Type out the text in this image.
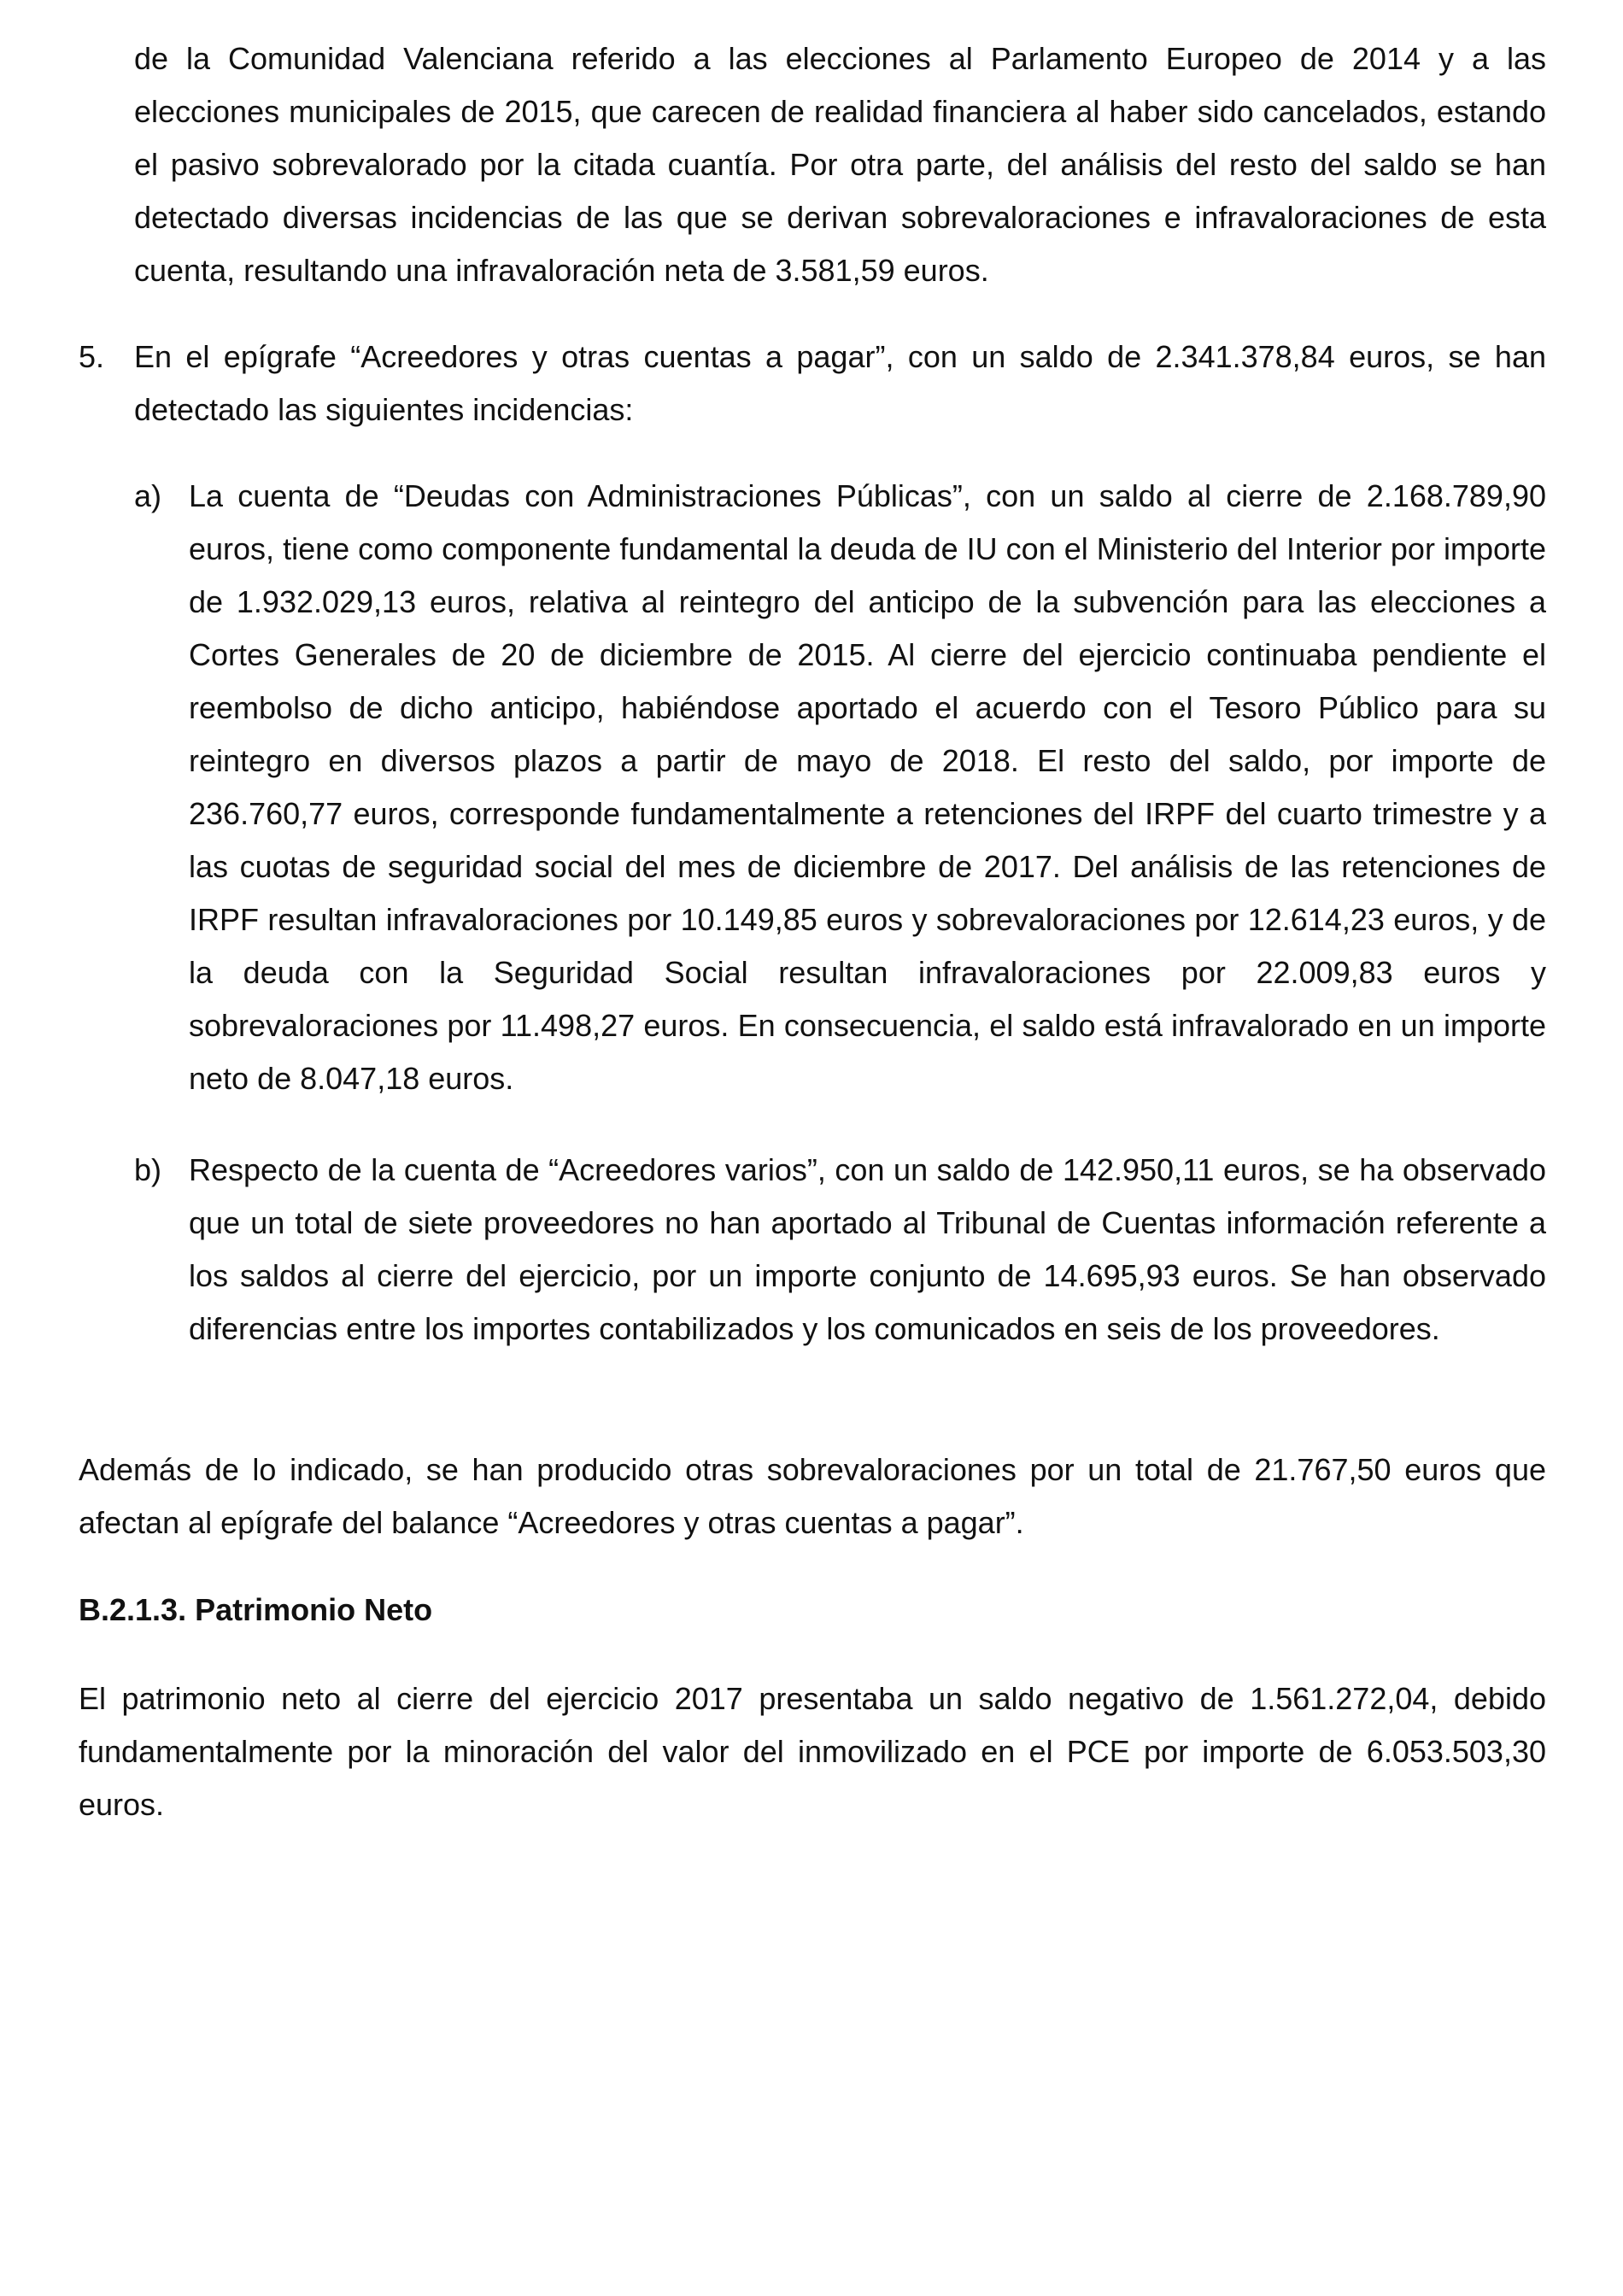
de la Comunidad Valenciana referido a las elecciones al Parlamento Europeo de 2014 y a las elecciones municipales de 2015, que carecen de realidad financiera al haber sido cancelados, estando el pasivo sobrevalorado por la citada cuantía. Por otra parte, del análisis del resto del saldo se han detectado diversas incidencias de las que se derivan sobrevaloraciones e infravaloraciones de esta cuenta, resultando una infravaloración neta de 3.581,59 euros.

5. En el epígrafe “Acreedores y otras cuentas a pagar”, con un saldo de 2.341.378,84 euros, se han detectado las siguientes incidencias:

a) La cuenta de “Deudas con Administraciones Públicas”, con un saldo al cierre de 2.168.789,90 euros, tiene como componente fundamental la deuda de IU con el Ministerio del Interior por importe de 1.932.029,13 euros, relativa al reintegro del anticipo de la subvención para las elecciones a Cortes Generales de 20 de diciembre de 2015. Al cierre del ejercicio continuaba pendiente el reembolso de dicho anticipo, habiéndose aportado el acuerdo con el Tesoro Público para su reintegro en diversos plazos a partir de mayo de 2018. El resto del saldo, por importe de 236.760,77 euros, corresponde fundamentalmente a retenciones del IRPF del cuarto trimestre y a las cuotas de seguridad social del mes de diciembre de 2017. Del análisis de las retenciones de IRPF resultan infravaloraciones por 10.149,85 euros y sobrevaloraciones por 12.614,23 euros, y de la deuda con la Seguridad Social resultan infravaloraciones por 22.009,83 euros y sobrevaloraciones por 11.498,27 euros. En consecuencia, el saldo está infravalorado en un importe neto de 8.047,18 euros.

b) Respecto de la cuenta de “Acreedores varios”, con un saldo de 142.950,11 euros, se ha observado que un total de siete proveedores no han aportado al Tribunal de Cuentas información referente a los saldos al cierre del ejercicio, por un importe conjunto de 14.695,93 euros. Se han observado diferencias entre los importes contabilizados y los comunicados en seis de los proveedores.

Además de lo indicado, se han producido otras sobrevaloraciones por un total de 21.767,50 euros que afectan al epígrafe del balance “Acreedores y otras cuentas a pagar”.

B.2.1.3. Patrimonio Neto

El patrimonio neto al cierre del ejercicio 2017 presentaba un saldo negativo de 1.561.272,04, debido fundamentalmente por la minoración del valor del inmovilizado en el PCE por importe de 6.053.503,30 euros.
